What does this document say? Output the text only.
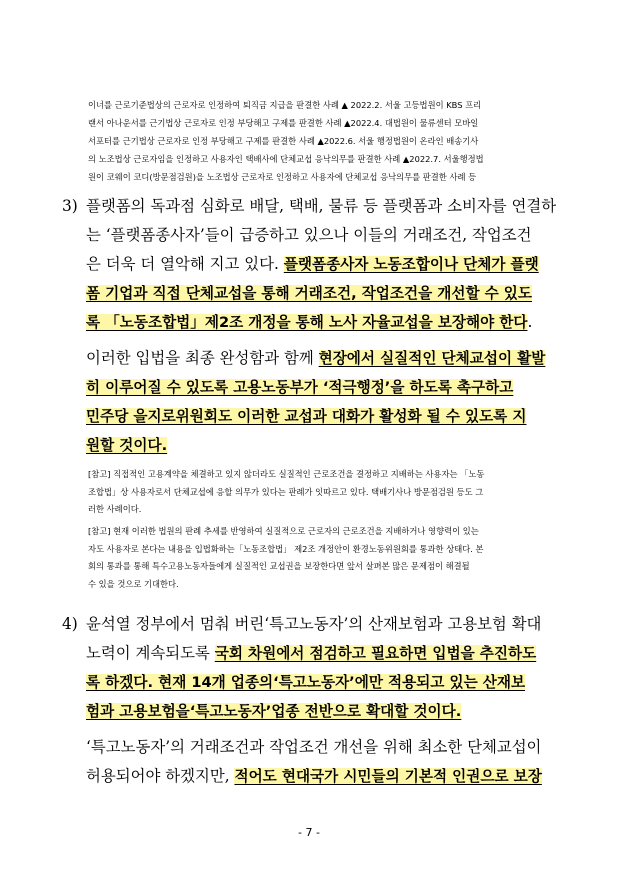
이너를 근로기준법상의 근로자로 인정하여 퇴직금 지급을 판결한 사례 ▲ 2022.2. 서울 고등법원이 KBS 프리
랜서 아나운서를 근기법상 근로자로 인정 부당해고 구제를 판결한 사례 ▲2022.4. 대법원이 물류센터 모바일
서포터를 근기법상 근로자로 인정 부당해고 구제를 판결한 사례 ▲2022.6. 서울 행정법원이 온라인 배송기사
의 노조법상 근로자임을 인정하고 사용자인 택배사에 단체교섭 응낙의무를 판결한 사례 ▲2022.7. 서울행정법
원이 코웨이 코디(방문점검원)을 노조법상 근로자로 인정하고 사용자에 단체교섭 응낙의무를 판결한 사례 등
3) 플랫폼의 독과점 심화로 배달, 택배, 물류 등 플랫폼과 소비자를 연결하
는 ‘플랫폼종사자’들이 급증하고 있으나 이들의 거래조건, 작업조건
은 더욱 더 열악해 지고 있다. 플랫폼종사자 노동조합이나 단체가 플랫
폼 기업과 직접 단체교섭을 통해 거래조건, 작업조건을 개선할 수 있도
록 「노동조합법」제2조 개정을 통해 노사 자율교섭을 보장해야 한다.
이러한 입법을 최종 완성함과 함께 현장에서 실질적인 단체교섭이 활발
히 이루어질 수 있도록 고용노동부가 ‘적극행정’을 하도록 촉구하고
민주당 을지로위원회도 이러한 교섭과 대화가 활성화 될 수 있도록 지
원할 것이다.
[참고] 직접적인 고용계약을 체결하고 있지 않더라도 실질적인 근로조건을 결정하고 지배하는 사용자는 「노동
조합법」상 사용자로서 단체교섭에 응할 의무가 있다는 판례가 잇따르고 있다. 택배기사나 방문점검원 등도 그
러한 사례이다.
[참고] 현재 이러한 법원의 판례 추세를 반영하여 실질적으로 근로자의 근로조건을 지배하거나 영향력이 있는
자도 사용자로 본다는 내용을 입법화하는「노동조합법」 제2조 개정안이 환경노동위원회를 통과한 상태다. 본
회의 통과를 통해 특수고용노동자들에게 실질적인 교섭권을 보장한다면 앞서 살펴본 많은 문제점이 해결될
수 있을 것으로 기대한다.
4) 윤석열 정부에서 멈춰 버린‘특고노동자’의 산재보험과 고용보험 확대
노력이 계속되도록 국회 차원에서 점검하고 필요하면 입법을 추진하도
록 하겠다. 현재 14개 업종의‘특고노동자’에만 적용되고 있는 산재보
험과 고용보험을‘특고노동자’업종 전반으로 확대할 것이다.
‘특고노동자’의 거래조건과 작업조건 개선을 위해 최소한 단체교섭이
허용되어야 하겠지만, 적어도 현대국가 시민들의 기본적 인권으로 보장
- 7 -
